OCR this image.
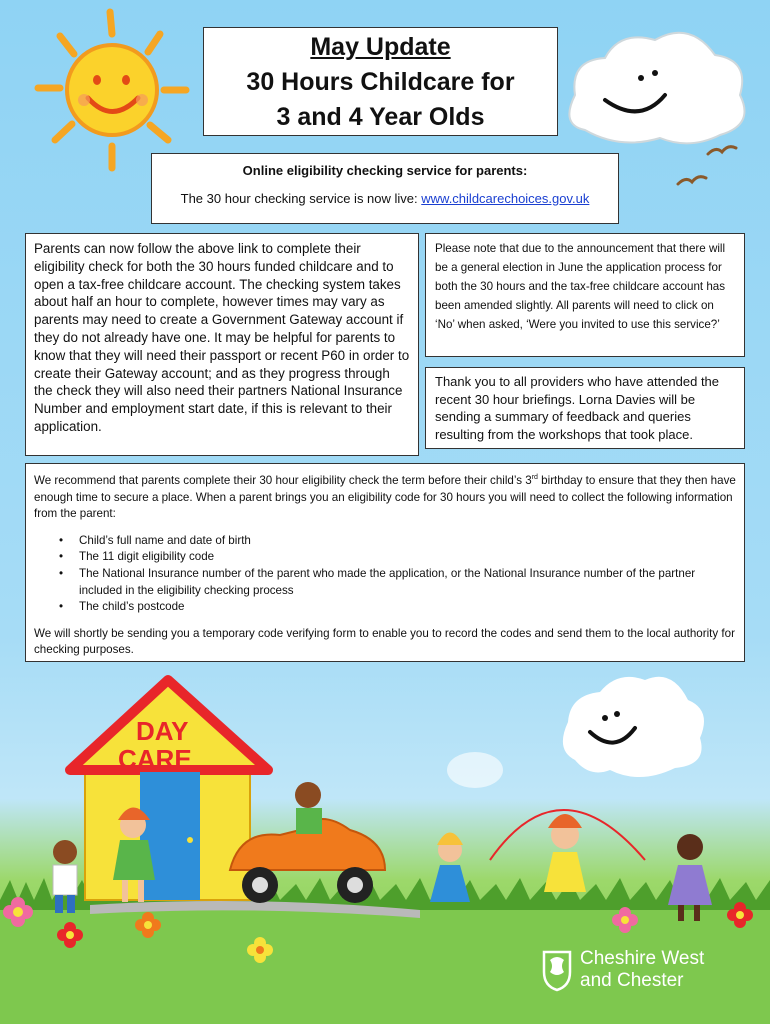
DAY
CARE
May Update
30 Hours Childcare for
3 and 4 Year Olds
Online eligibility checking service for parents:
The 30 hour checking service is now live: www.childcarechoices.gov.uk

Parents can now follow the above link to complete their eligibility check for both the 30 hours funded childcare and to open a tax-free childcare account. The checking system takes about half an hour to complete, however times may vary as parents may need to create a Government Gateway account if they do not already have one. It may be helpful for parents to know that they will need their passport or recent P60 in order to create their Gateway account; and as they progress through the check they will also need their partners National Insurance Number and employment start date, if this is relevant to their application.

Please note that due to the announcement that there will be a general election in June the application process for both the 30 hours and the tax-free childcare account has been amended slightly. All parents will need to click on ‘No’ when asked, ‘Were you invited to use this service?’

Thank you to all providers who have attended the recent 30 hour briefings. Lorna Davies will be sending a summary of feedback and queries resulting from the workshops that took place.

We recommend that parents complete their 30 hour eligibility check the term before their child’s 3rd birthday to ensure that they then have enough time to secure a place. When a parent brings you an eligibility code for 30 hours you will need to collect the following information from the parent:

• Child’s full name and date of birth
• The 11 digit eligibility code
• The National Insurance number of the parent who made the application, or the National Insurance number of the partner included in the eligibility checking process
• The child’s postcode

We will shortly be sending you a temporary code verifying form to enable you to record the codes and send them to the local authority for checking purposes.

Cheshire West
and Chester
